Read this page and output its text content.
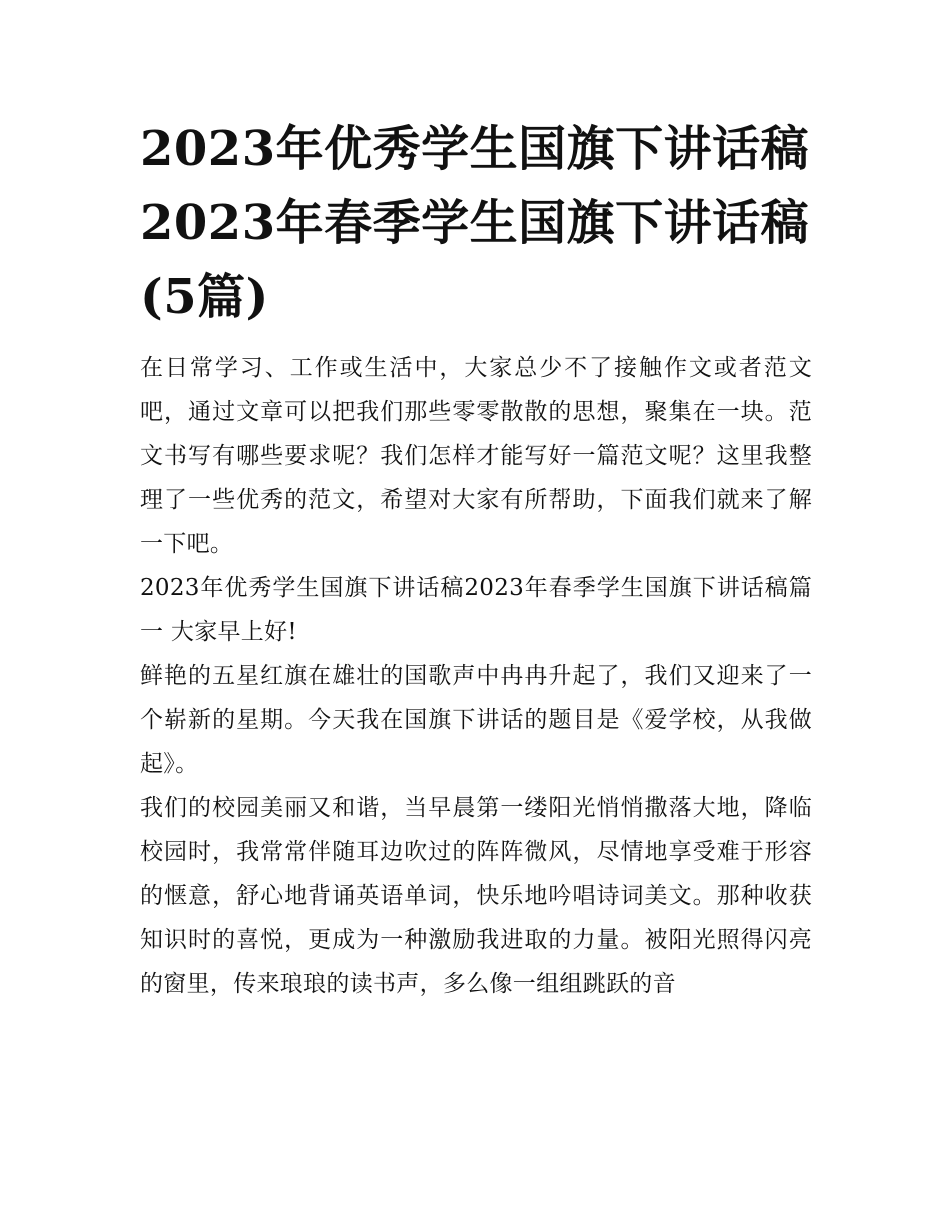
2023年优秀学生国旗下讲话稿2023年春季学生国旗下讲话稿(5篇)

在日常学习、工作或生活中，大家总少不了接触作文或者范文吧，通过文章可以把我们那些零零散散的思想，聚集在一块。范文书写有哪些要求呢？我们怎样才能写好一篇范文呢？这里我整理了一些优秀的范文，希望对大家有所帮助，下面我们就来了解一下吧。

2023年优秀学生国旗下讲话稿2023年春季学生国旗下讲话稿篇一 大家早上好!

鲜艳的五星红旗在雄壮的国歌声中冉冉升起了，我们又迎来了一个崭新的星期。今天我在国旗下讲话的题目是《爱学校，从我做起》。

我们的校园美丽又和谐，当早晨第一缕阳光悄悄撒落大地，降临校园时，我常常伴随耳边吹过的阵阵微风，尽情地享受难于形容的惬意，舒心地背诵英语单词，快乐地吟唱诗词美文。那种收获知识时的喜悦，更成为一种激励我进取的力量。被阳光照得闪亮的窗里，传来琅琅的读书声，多么像一组组跳跃的音
